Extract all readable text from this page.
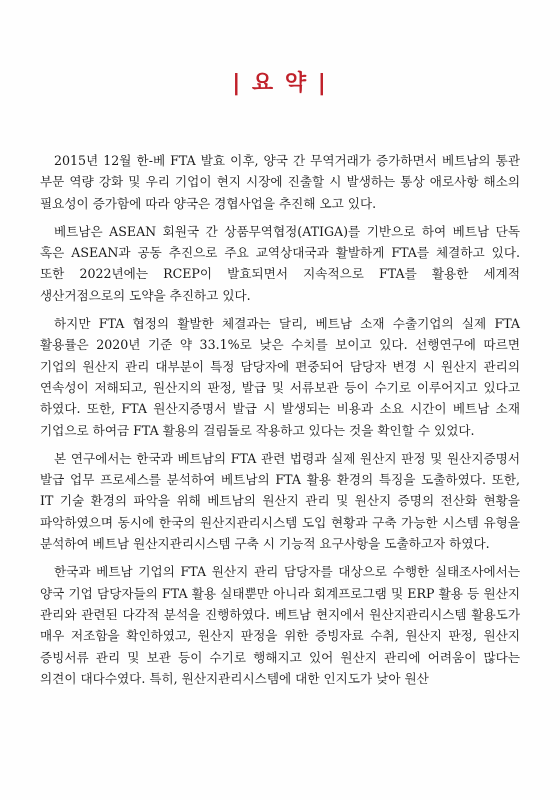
| 요 약 |

2015년 12월 한-베 FTA 발효 이후, 양국 간 무역거래가 증가하면서 베트남의 통관 부문 역량 강화 및 우리 기업이 현지 시장에 진출할 시 발생하는 통상 애로사항 해소의 필요성이 증가함에 따라 양국은 경협사업을 추진해 오고 있다.

베트남은 ASEAN 회원국 간 상품무역협정(ATIGA)를 기반으로 하여 베트남 단독 혹은 ASEAN과 공동 추진으로 주요 교역상대국과 활발하게 FTA를 체결하고 있다. 또한 2022년에는 RCEP이 발효되면서 지속적으로 FTA를 활용한 세계적 생산거점으로의 도약을 추진하고 있다.

하지만 FTA 협정의 활발한 체결과는 달리, 베트남 소재 수출기업의 실제 FTA 활용률은 2020년 기준 약 33.1%로 낮은 수치를 보이고 있다. 선행연구에 따르면 기업의 원산지 관리 대부분이 특정 담당자에 편중되어 담당자 변경 시 원산지 관리의 연속성이 저해되고, 원산지의 판정, 발급 및 서류보관 등이 수기로 이루어지고 있다고 하였다. 또한, FTA 원산지증명서 발급 시 발생되는 비용과 소요 시간이 베트남 소재 기업으로 하여금 FTA 활용의 걸림돌로 작용하고 있다는 것을 확인할 수 있었다.

본 연구에서는 한국과 베트남의 FTA 관련 법령과 실제 원산지 판정 및 원산지증명서 발급 업무 프로세스를 분석하여 베트남의 FTA 활용 환경의 특징을 도출하였다. 또한, IT 기술 환경의 파악을 위해 베트남의 원산지 관리 및 원산지 증명의 전산화 현황을 파악하였으며 동시에 한국의 원산지관리시스템 도입 현황과 구축 가능한 시스템 유형을 분석하여 베트남 원산지관리시스템 구축 시 기능적 요구사항을 도출하고자 하였다.

한국과 베트남 기업의 FTA 원산지 관리 담당자를 대상으로 수행한 실태조사에서는 양국 기업 담당자들의 FTA 활용 실태뿐만 아니라 회계프로그램 및 ERP 활용 등 원산지 관리와 관련된 다각적 분석을 진행하였다. 베트남 현지에서 원산지관리시스템 활용도가 매우 저조함을 확인하였고, 원산지 판정을 위한 증빙자료 수취, 원산지 판정, 원산지 증빙서류 관리 및 보관 등이 수기로 행해지고 있어 원산지 관리에 어려움이 많다는 의견이 대다수였다. 특히, 원산지관리시스템에 대한 인지도가 낮아 원산
